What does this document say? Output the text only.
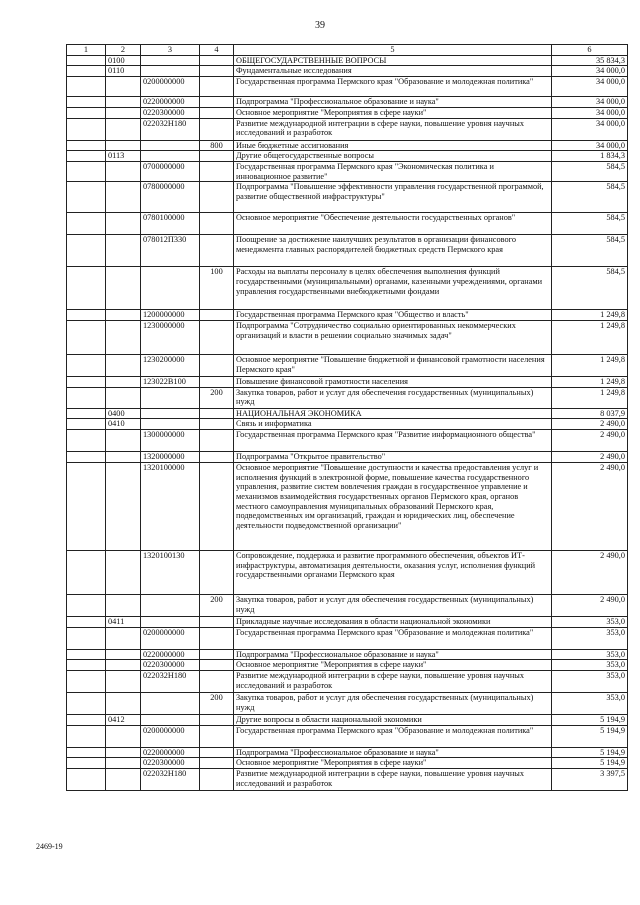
39
1	2	3	4	5	6
	0100			ОБЩЕГОСУДАРСТВЕННЫЕ ВОПРОСЫ	35 834,3
	0110			Фундаментальные исследования	34 000,0
		0200000000		Государственная программа Пермского края "Образование и молодежная политика"	34 000,0
		0220000000		Подпрограмма "Профессиональное образование и наука"	34 000,0
		0220300000		Основное мероприятие "Мероприятия в сфере науки"	34 000,0
		022032Н180		Развитие международной интеграции в сфере науки, повышение уровня научных исследований и разработок	34 000,0
			800	Иные бюджетные ассигнования	34 000,0
	0113			Другие общегосударственные вопросы	1 834,3
		0700000000		Государственная программа Пермского края "Экономическая политика и инновационное развитие"	584,5
		0780000000		Подпрограмма "Повышение эффективности управления государственной программой, развитие общественной инфраструктуры"	584,5
		0780100000		Основное мероприятие "Обеспечение деятельности государственных органов"	584,5
		078012П330		Поощрение за достижение наилучших результатов в организации финансового менеджмента главных распорядителей бюджетных средств Пермского края	584,5
			100	Расходы на выплаты персоналу в целях обеспечения выполнения функций государственными (муниципальными) органами, казенными учреждениями, органами управления государственными внебюджетными фондами	584,5
		1200000000		Государственная программа Пермского края "Общество и власть"	1 249,8
		1230000000		Подпрограмма "Сотрудничество социально ориентированных некоммерческих организаций и власти в решении социально значимых задач"	1 249,8
		1230200000		Основное мероприятие "Повышение бюджетной и финансовой грамотности населения Пермского края"	1 249,8
		123022В100		Повышение финансовой грамотности населения	1 249,8
			200	Закупка товаров, работ и услуг для обеспечения государственных (муниципальных) нужд	1 249,8
	0400			НАЦИОНАЛЬНАЯ ЭКОНОМИКА	8 037,9
	0410			Связь и информатика	2 490,0
		1300000000		Государственная программа Пермского края "Развитие информационного общества"	2 490,0
		1320000000		Подпрограмма "Открытое правительство"	2 490,0
		1320100000		Основное мероприятие "Повышение доступности и качества предоставления услуг и исполнения функций в электронной форме, повышение качества государственного управления, развитие систем вовлечения граждан в государственное управление и механизмов взаимодействия государственных органов Пермского края, органов местного самоуправления муниципальных образований Пермского края, подведомственных им организаций, граждан и юридических лиц, обеспечение деятельности подведомственной организации"	2 490,0
		1320100130		Сопровождение, поддержка и развитие программного обеспечения, объектов ИТ-инфраструктуры, автоматизация деятельности, оказания услуг, исполнения функций государственными органами Пермского края	2 490,0
			200	Закупка товаров, работ и услуг для обеспечения государственных (муниципальных) нужд	2 490,0
	0411			Прикладные научные исследования в области национальной экономики	353,0
		0200000000		Государственная программа Пермского края "Образование и молодежная политика"	353,0
		0220000000		Подпрограмма "Профессиональное образование и наука"	353,0
		0220300000		Основное мероприятие "Мероприятия в сфере науки"	353,0
		022032Н180		Развитие международной интеграции в сфере науки, повышение уровня научных исследований и разработок	353,0
			200	Закупка товаров, работ и услуг для обеспечения государственных (муниципальных) нужд	353,0
	0412			Другие вопросы в области национальной экономики	5 194,9
		0200000000		Государственная программа Пермского края "Образование и молодежная политика"	5 194,9
		0220000000		Подпрограмма "Профессиональное образование и наука"	5 194,9
		0220300000		Основное мероприятие "Мероприятия в сфере науки"	5 194,9
		022032Н180		Развитие международной интеграции в сфере науки, повышение уровня научных исследований и разработок	3 397,5
2469-19
